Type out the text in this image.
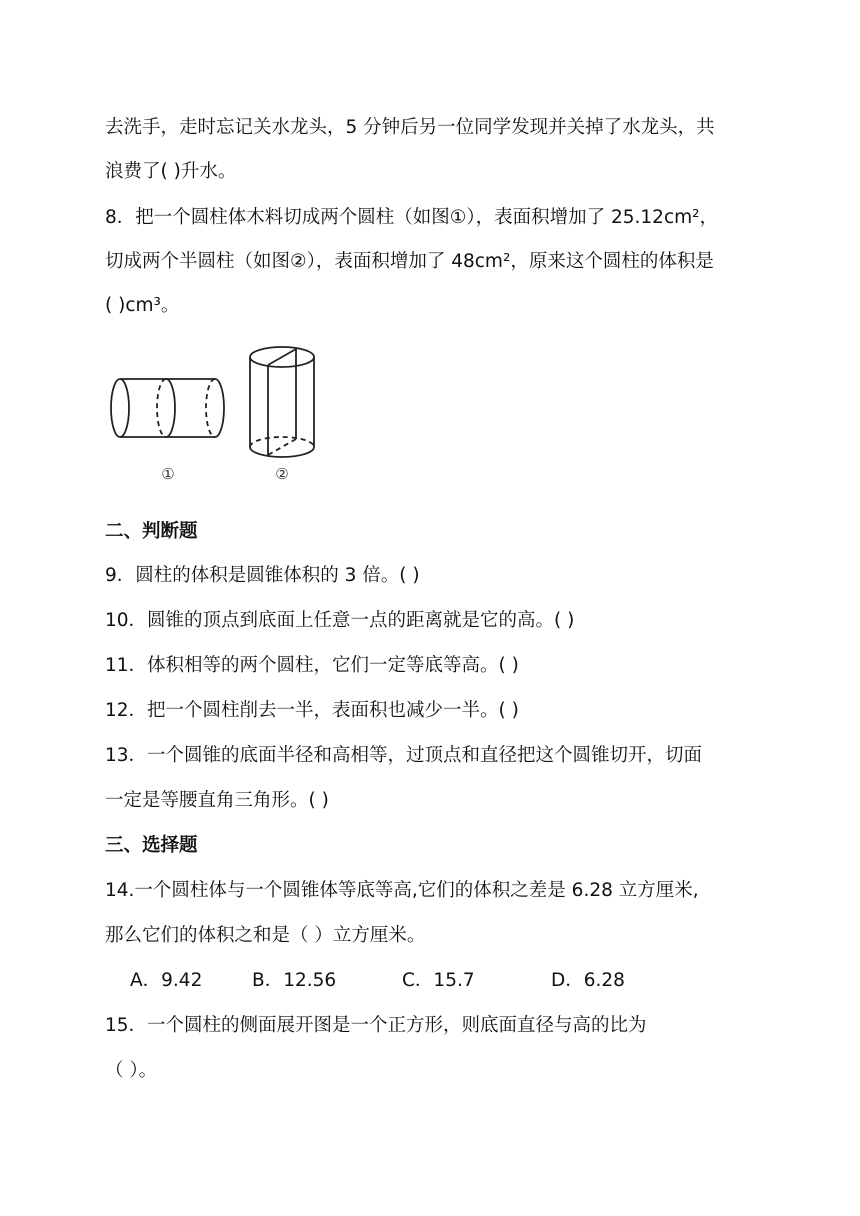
去洗手，走时忘记关水龙头，5 分钟后另一位同学发现并关掉了水龙头，共
浪费了( )升水。
8．把一个圆柱体木料切成两个圆柱（如图①），表面积增加了 25.12cm²，
切成两个半圆柱（如图②），表面积增加了 48cm²，原来这个圆柱的体积是
( )cm³。
①	②
二、判断题
9．圆柱的体积是圆锥体积的 3 倍。( )
10．圆锥的顶点到底面上任意一点的距离就是它的高。( )
11．体积相等的两个圆柱，它们一定等底等高。( )
12．把一个圆柱削去一半，表面积也减少一半。( )
13．一个圆锥的底面半径和高相等，过顶点和直径把这个圆锥切开，切面
一定是等腰直角三角形。( )
三、选择题
14.一个圆柱体与一个圆锥体等底等高,它们的体积之差是 6.28 立方厘米,
那么它们的体积之和是（ ）立方厘米。
A．9.42	B．12.56	C．15.7	D．6.28
15．一个圆柱的侧面展开图是一个正方形，则底面直径与高的比为
（ ）。
